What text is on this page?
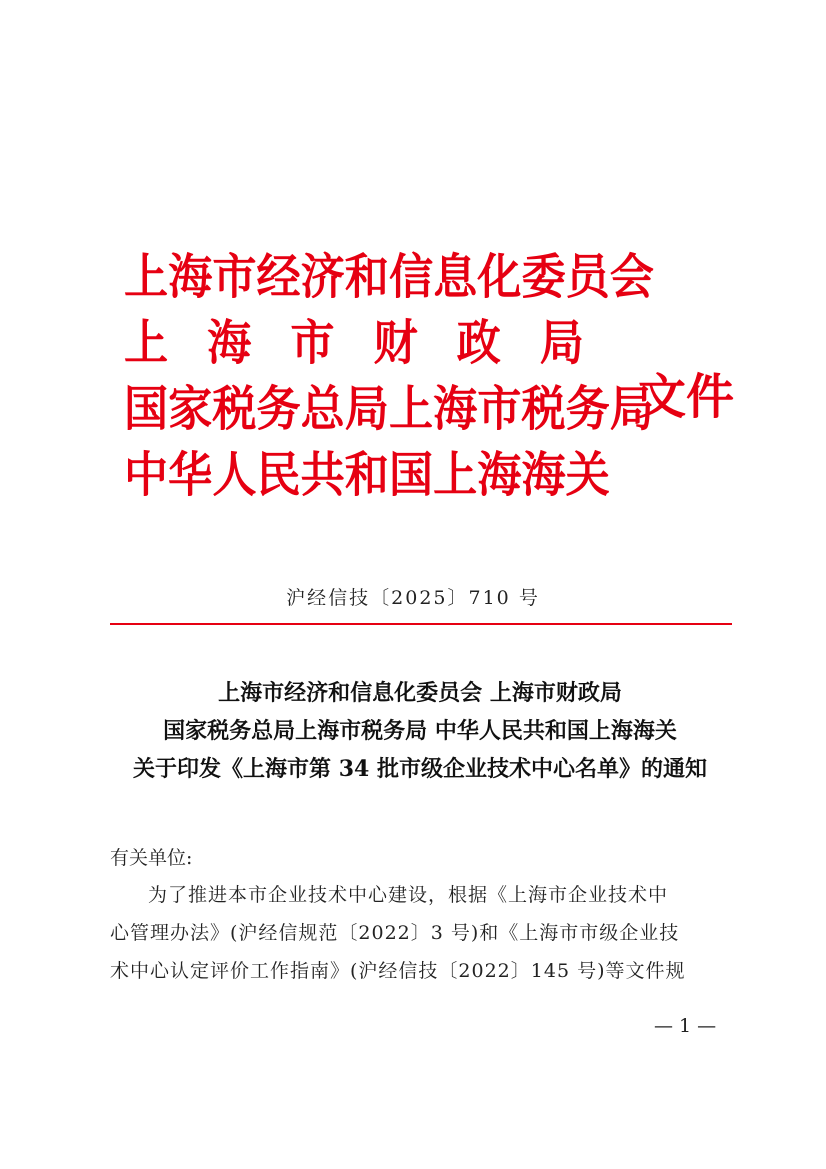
上海市经济和信息化委员会
上 海 市 财 政 局
国家税务总局上海市税务局
中华人民共和国上海海关
文件
沪经信技〔2025〕710 号
上海市经济和信息化委员会 上海市财政局
国家税务总局上海市税务局 中华人民共和国上海海关
关于印发《上海市第 34 批市级企业技术中心名单》的通知
有关单位:
为了推进本市企业技术中心建设，根据《上海市企业技术中
心管理办法》(沪经信规范〔2022〕3 号)和《上海市市级企业技
术中心认定评价工作指南》(沪经信技〔2022〕145 号)等文件规
— 1 —
